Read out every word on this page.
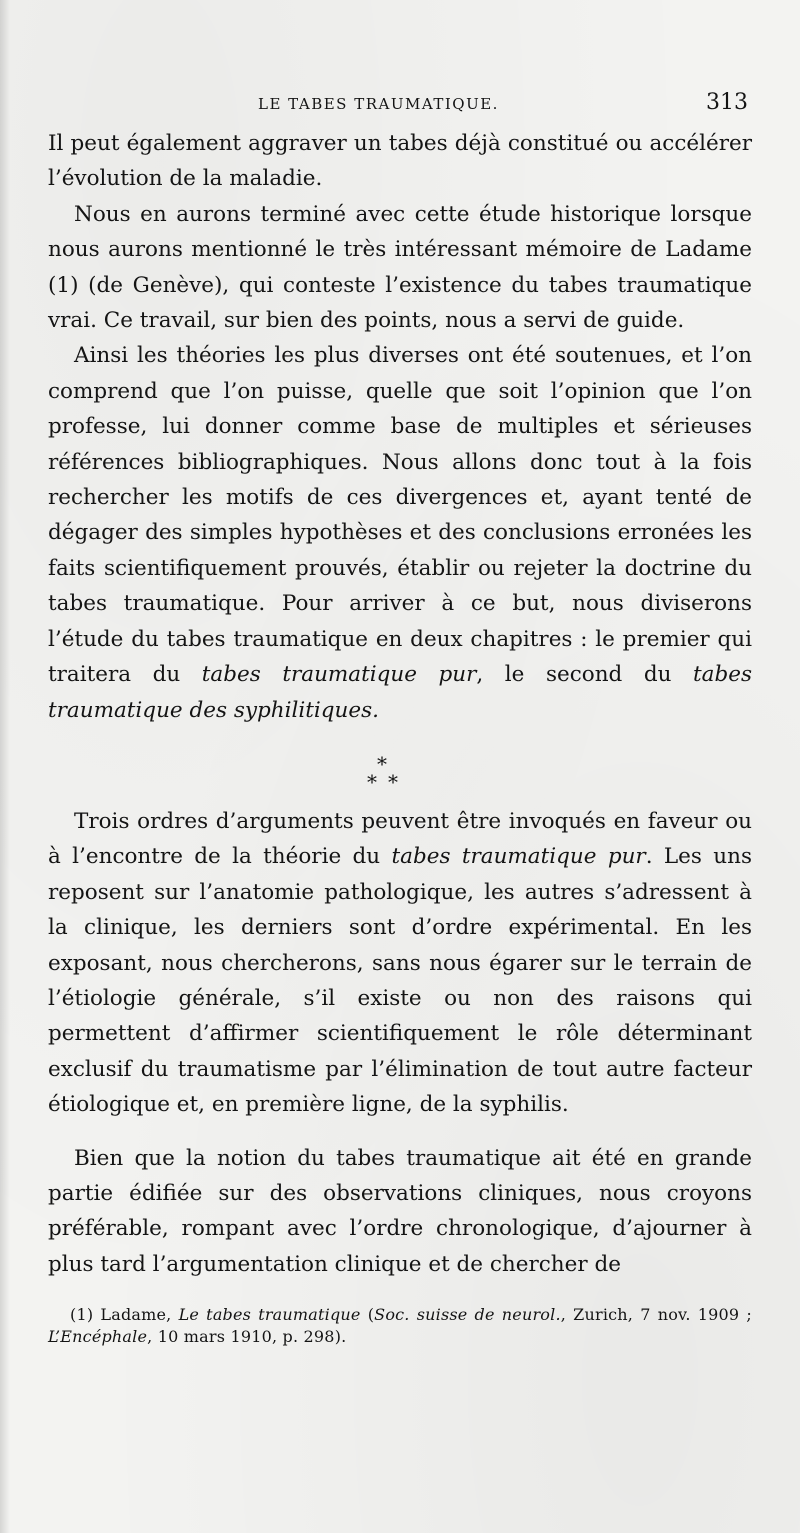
LE TABES TRAUMATIQUE.	313

Il peut également aggraver un tabes déjà constitué ou accélérer l’évolution de la maladie.

Nous en aurons terminé avec cette étude historique lorsque nous aurons mentionné le très intéressant mémoire de Ladame (1) (de Genève), qui conteste l’existence du tabes traumatique vrai. Ce travail, sur bien des points, nous a servi de guide.

Ainsi les théories les plus diverses ont été soutenues, et l’on comprend que l’on puisse, quelle que soit l’opinion que l’on professe, lui donner comme base de multiples et sérieuses références bibliographiques. Nous allons donc tout à la fois rechercher les motifs de ces divergences et, ayant tenté de dégager des simples hypothèses et des conclusions erronées les faits scientifiquement prouvés, établir ou rejeter la doctrine du tabes traumatique. Pour arriver à ce but, nous diviserons l’étude du tabes traumatique en deux chapitres : le premier qui traitera du tabes traumatique pur, le second du tabes traumatique des syphilitiques.

*
* *

Trois ordres d’arguments peuvent être invoqués en faveur ou à l’encontre de la théorie du tabes traumatique pur. Les uns reposent sur l’anatomie pathologique, les autres s’adressent à la clinique, les derniers sont d’ordre expérimental. En les exposant, nous chercherons, sans nous égarer sur le terrain de l’étiologie générale, s’il existe ou non des raisons qui permettent d’affirmer scientifiquement le rôle déterminant exclusif du traumatisme par l’élimination de tout autre facteur étiologique et, en première ligne, de la syphilis.

Bien que la notion du tabes traumatique ait été en grande partie édifiée sur des observations cliniques, nous croyons préférable, rompant avec l’ordre chronologique, d’ajourner à plus tard l’argumentation clinique et de chercher de

(1) Ladame, Le tabes traumatique (Soc. suisse de neurol., Zurich, 7 nov. 1909 ; L’Encéphale, 10 mars 1910, p. 298).
